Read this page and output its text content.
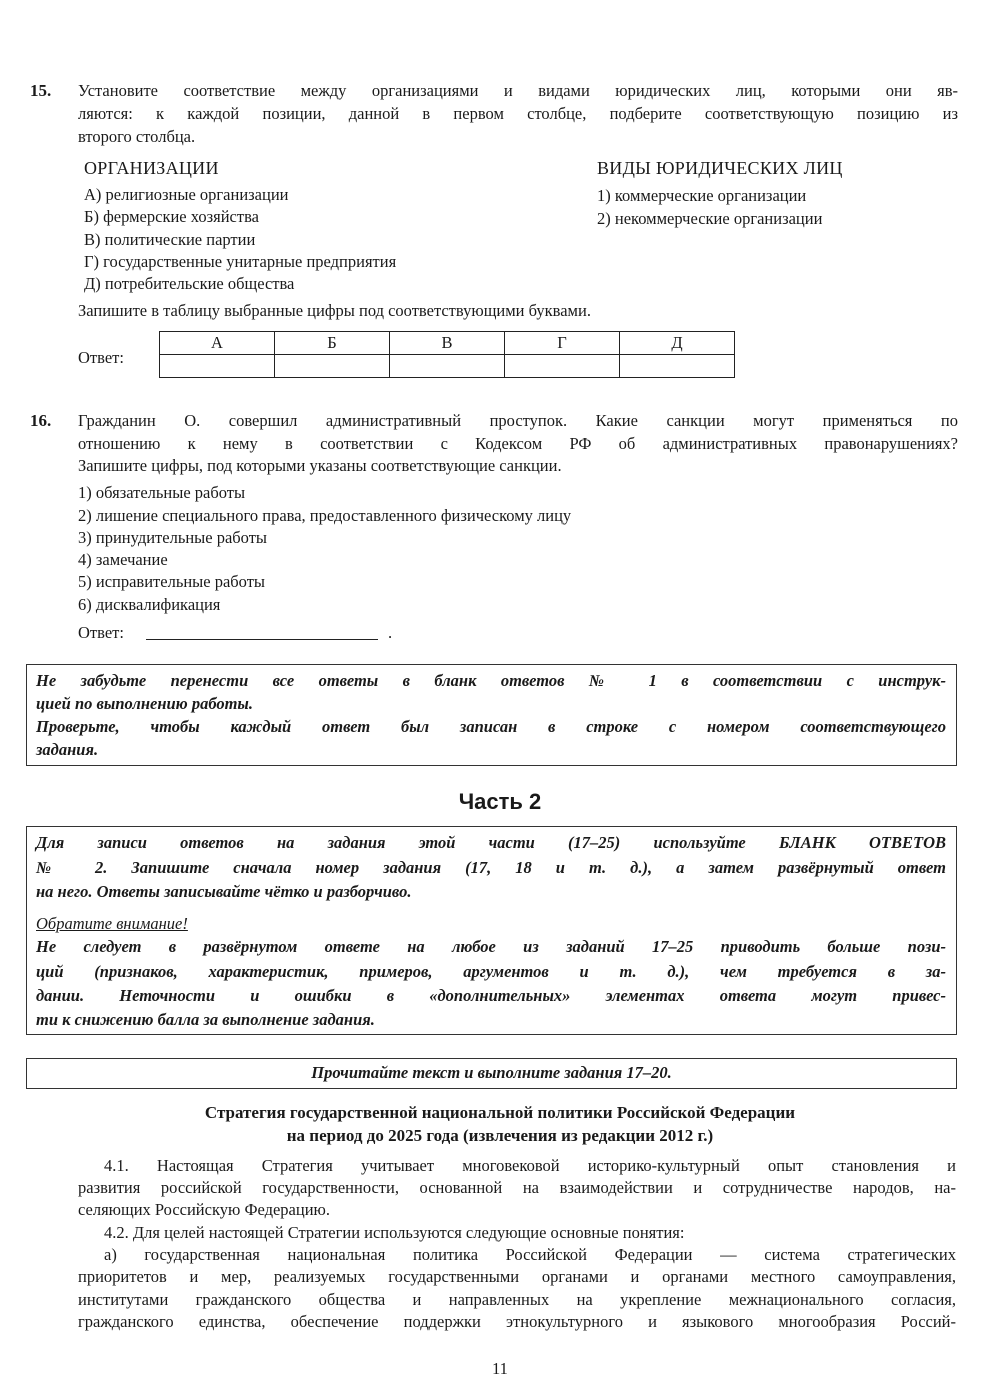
15. Установите соответствие между организациями и видами юридических лиц, которыми они яв-
ляются: к каждой позиции, данной в первом столбце, подберите соответствующую позицию из
второго столбца.
ОРГАНИЗАЦИИ	ВИДЫ ЮРИДИЧЕСКИХ ЛИЦ
А) религиозные организации
Б) фермерские хозяйства
В) политические партии
Г) государственные унитарные предприятия
Д) потребительские общества
1) коммерческие организации
2) некоммерческие организации
Запишите в таблицу выбранные цифры под соответствующими буквами.
Ответ:
А	Б	В	Г	Д

16. Гражданин О. совершил административный проступок. Какие санкции могут применяться по
отношению к нему в соответствии с Кодексом РФ об административных правонарушениях?
Запишите цифры, под которыми указаны соответствующие санкции.
1) обязательные работы
2) лишение специального права, предоставленного физическому лицу
3) принудительные работы
4) замечание
5) исправительные работы
6) дисквалификация
Ответ:	.
Не забудьте перенести все ответы в бланк ответов № 1 в соответствии с инструк-
цией по выполнению работы.
Проверьте, чтобы каждый ответ был записан в строке с номером соответствующего
задания.
Часть 2
Для записи ответов на задания этой части (17–25) используйте БЛАНК ОТВЕТОВ
№ 2. Запишите сначала номер задания (17, 18 и т. д.), а затем развёрнутый ответ
на него. Ответы записывайте чётко и разборчиво.
Обратите внимание!
Не следует в развёрнутом ответе на любое из заданий 17–25 приводить больше пози-
ций (признаков, характеристик, примеров, аргументов и т. д.), чем требуется в за-
дании. Неточности и ошибки в «дополнительных» элементах ответа могут привес-
ти к снижению балла за выполнение задания.
Прочитайте текст и выполните задания 17–20.
Стратегия государственной национальной политики Российской Федерации
на период до 2025 года (извлечения из редакции 2012 г.)
4.1. Настоящая Стратегия учитывает многовековой историко-культурный опыт становления и
развития российской государственности, основанной на взаимодействии и сотрудничестве народов, на-
селяющих Российскую Федерацию.
4.2. Для целей настоящей Стратегии используются следующие основные понятия:
а) государственная национальная политика Российской Федерации — система стратегических
приоритетов и мер, реализуемых государственными органами и органами местного самоуправления,
институтами гражданского общества и направленных на укрепление межнационального согласия,
гражданского единства, обеспечение поддержки этнокультурного и языкового многообразия Россий-
11
